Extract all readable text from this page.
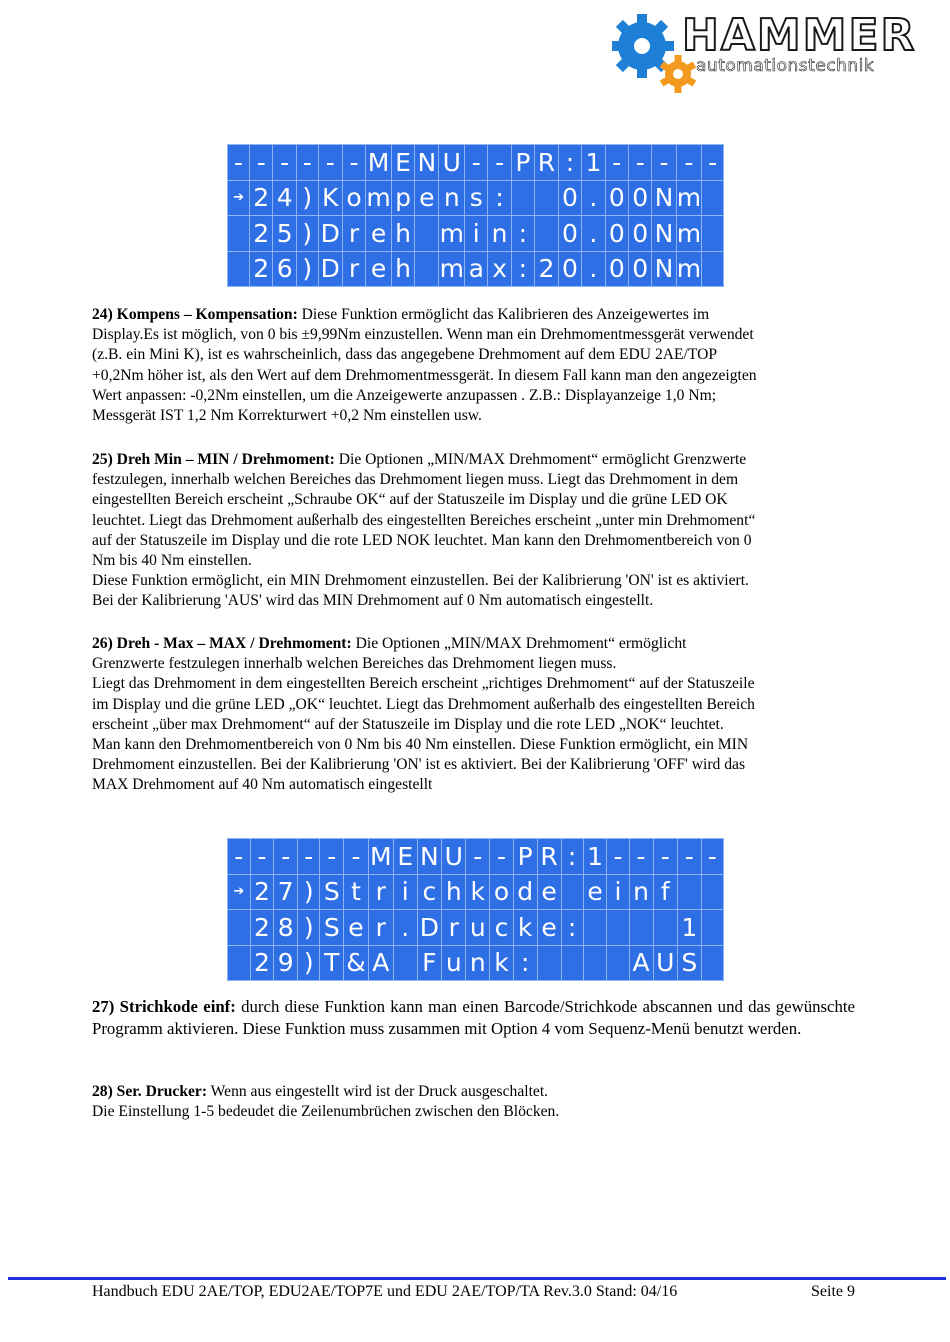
HAMMER
automationstechnik
-	-	-	-	-	-	M	E	N	U	-	-	P	R	:	1	-	-	-	-	-
➔	2	4	)	K	o	m	p	e	n	s	:			0	.	0	0	N	m	
	2	5	)	D	r	e	h		m	i	n	:		0	.	0	0	N	m	
	2	6	)	D	r	e	h		m	a	x	:	2	0	.	0	0	N	m	

24) Kompens – Kompensation: Diese Funktion ermöglicht das Kalibrieren des Anzeigewertes im

Display.Es ist möglich, von 0 bis ±9,99Nm einzustellen. Wenn man ein Drehmomentmessgerät verwendet

(z.B. ein Mini K), ist es wahrscheinlich, dass das angegebene Drehmoment auf dem EDU 2AE/TOP

+0,2Nm höher ist, als den Wert auf dem Drehmomentmessgerät. In diesem Fall kann man den angezeigten

Wert anpassen: -0,2Nm einstellen, um die Anzeigewerte anzupassen . Z.B.: Displayanzeige 1,0 Nm;

Messgerät IST 1,2 Nm Korrekturwert +0,2 Nm einstellen usw.

25) Dreh Min – MIN / Drehmoment: Die Optionen „MIN/MAX Drehmoment“ ermöglicht Grenzwerte

festzulegen, innerhalb welchen Bereiches das Drehmoment liegen muss. Liegt das Drehmoment in dem

eingestellten Bereich erscheint „Schraube OK“ auf der Statuszeile im Display und die grüne LED OK

leuchtet. Liegt das Drehmoment außerhalb des eingestellten Bereiches erscheint „unter min Drehmoment“

auf der Statuszeile im Display und die rote LED NOK leuchtet. Man kann den Drehmomentbereich von 0

Nm bis 40 Nm einstellen.

Diese Funktion ermöglicht, ein MIN Drehmoment einzustellen. Bei der Kalibrierung 'ON' ist es aktiviert.

Bei der Kalibrierung 'AUS' wird das MIN Drehmoment auf 0 Nm automatisch eingestellt.

26) Dreh - Max – MAX / Drehmoment: Die Optionen „MIN/MAX Drehmoment“ ermöglicht

Grenzwerte festzulegen innerhalb welchen Bereiches das Drehmoment liegen muss.

Liegt das Drehmoment in dem eingestellten Bereich erscheint „richtiges Drehmoment“ auf der Statuszeile

im Display und die grüne LED „OK“ leuchtet. Liegt das Drehmoment außerhalb des eingestellten Bereich

erscheint „über max Drehmoment“ auf der Statuszeile im Display und die rote LED „NOK“ leuchtet.

Man kann den Drehmomentbereich von 0 Nm bis 40 Nm einstellen. Diese Funktion ermöglicht, ein MIN

Drehmoment einzustellen. Bei der Kalibrierung 'ON' ist es aktiviert. Bei der Kalibrierung 'OFF' wird das

MAX Drehmoment auf 40 Nm automatisch eingestellt

-	-	-	-	-	-	M	E	N	U	-	-	P	R	:	1	-	-	-	-	-
➔	2	7	)	S	t	r	i	c	h	k	o	d	e		e	i	n	f		
	2	8	)	S	e	r	.	D	r	u	c	k	e	:					1	
	2	9	)	T	&	A		F	u	n	k	:					A	U	S	

27) Strichkode einf: durch diese Funktion kann man einen Barcode/Strichkode abscannen und das gewünschte Programm aktivieren. Diese Funktion muss zusammen mit Option 4 vom Sequenz-Menü benutzt werden.

28) Ser. Drucker: Wenn aus eingestellt wird ist der Druck ausgeschaltet.

Die Einstellung 1-5 bedeudet die Zeilenumbrüchen zwischen den Blöcken.

Handbuch EDU 2AE/TOP, EDU2AE/TOP7E und EDU 2AE/TOP/TA Rev.3.0 Stand: 04/16	Seite 9
